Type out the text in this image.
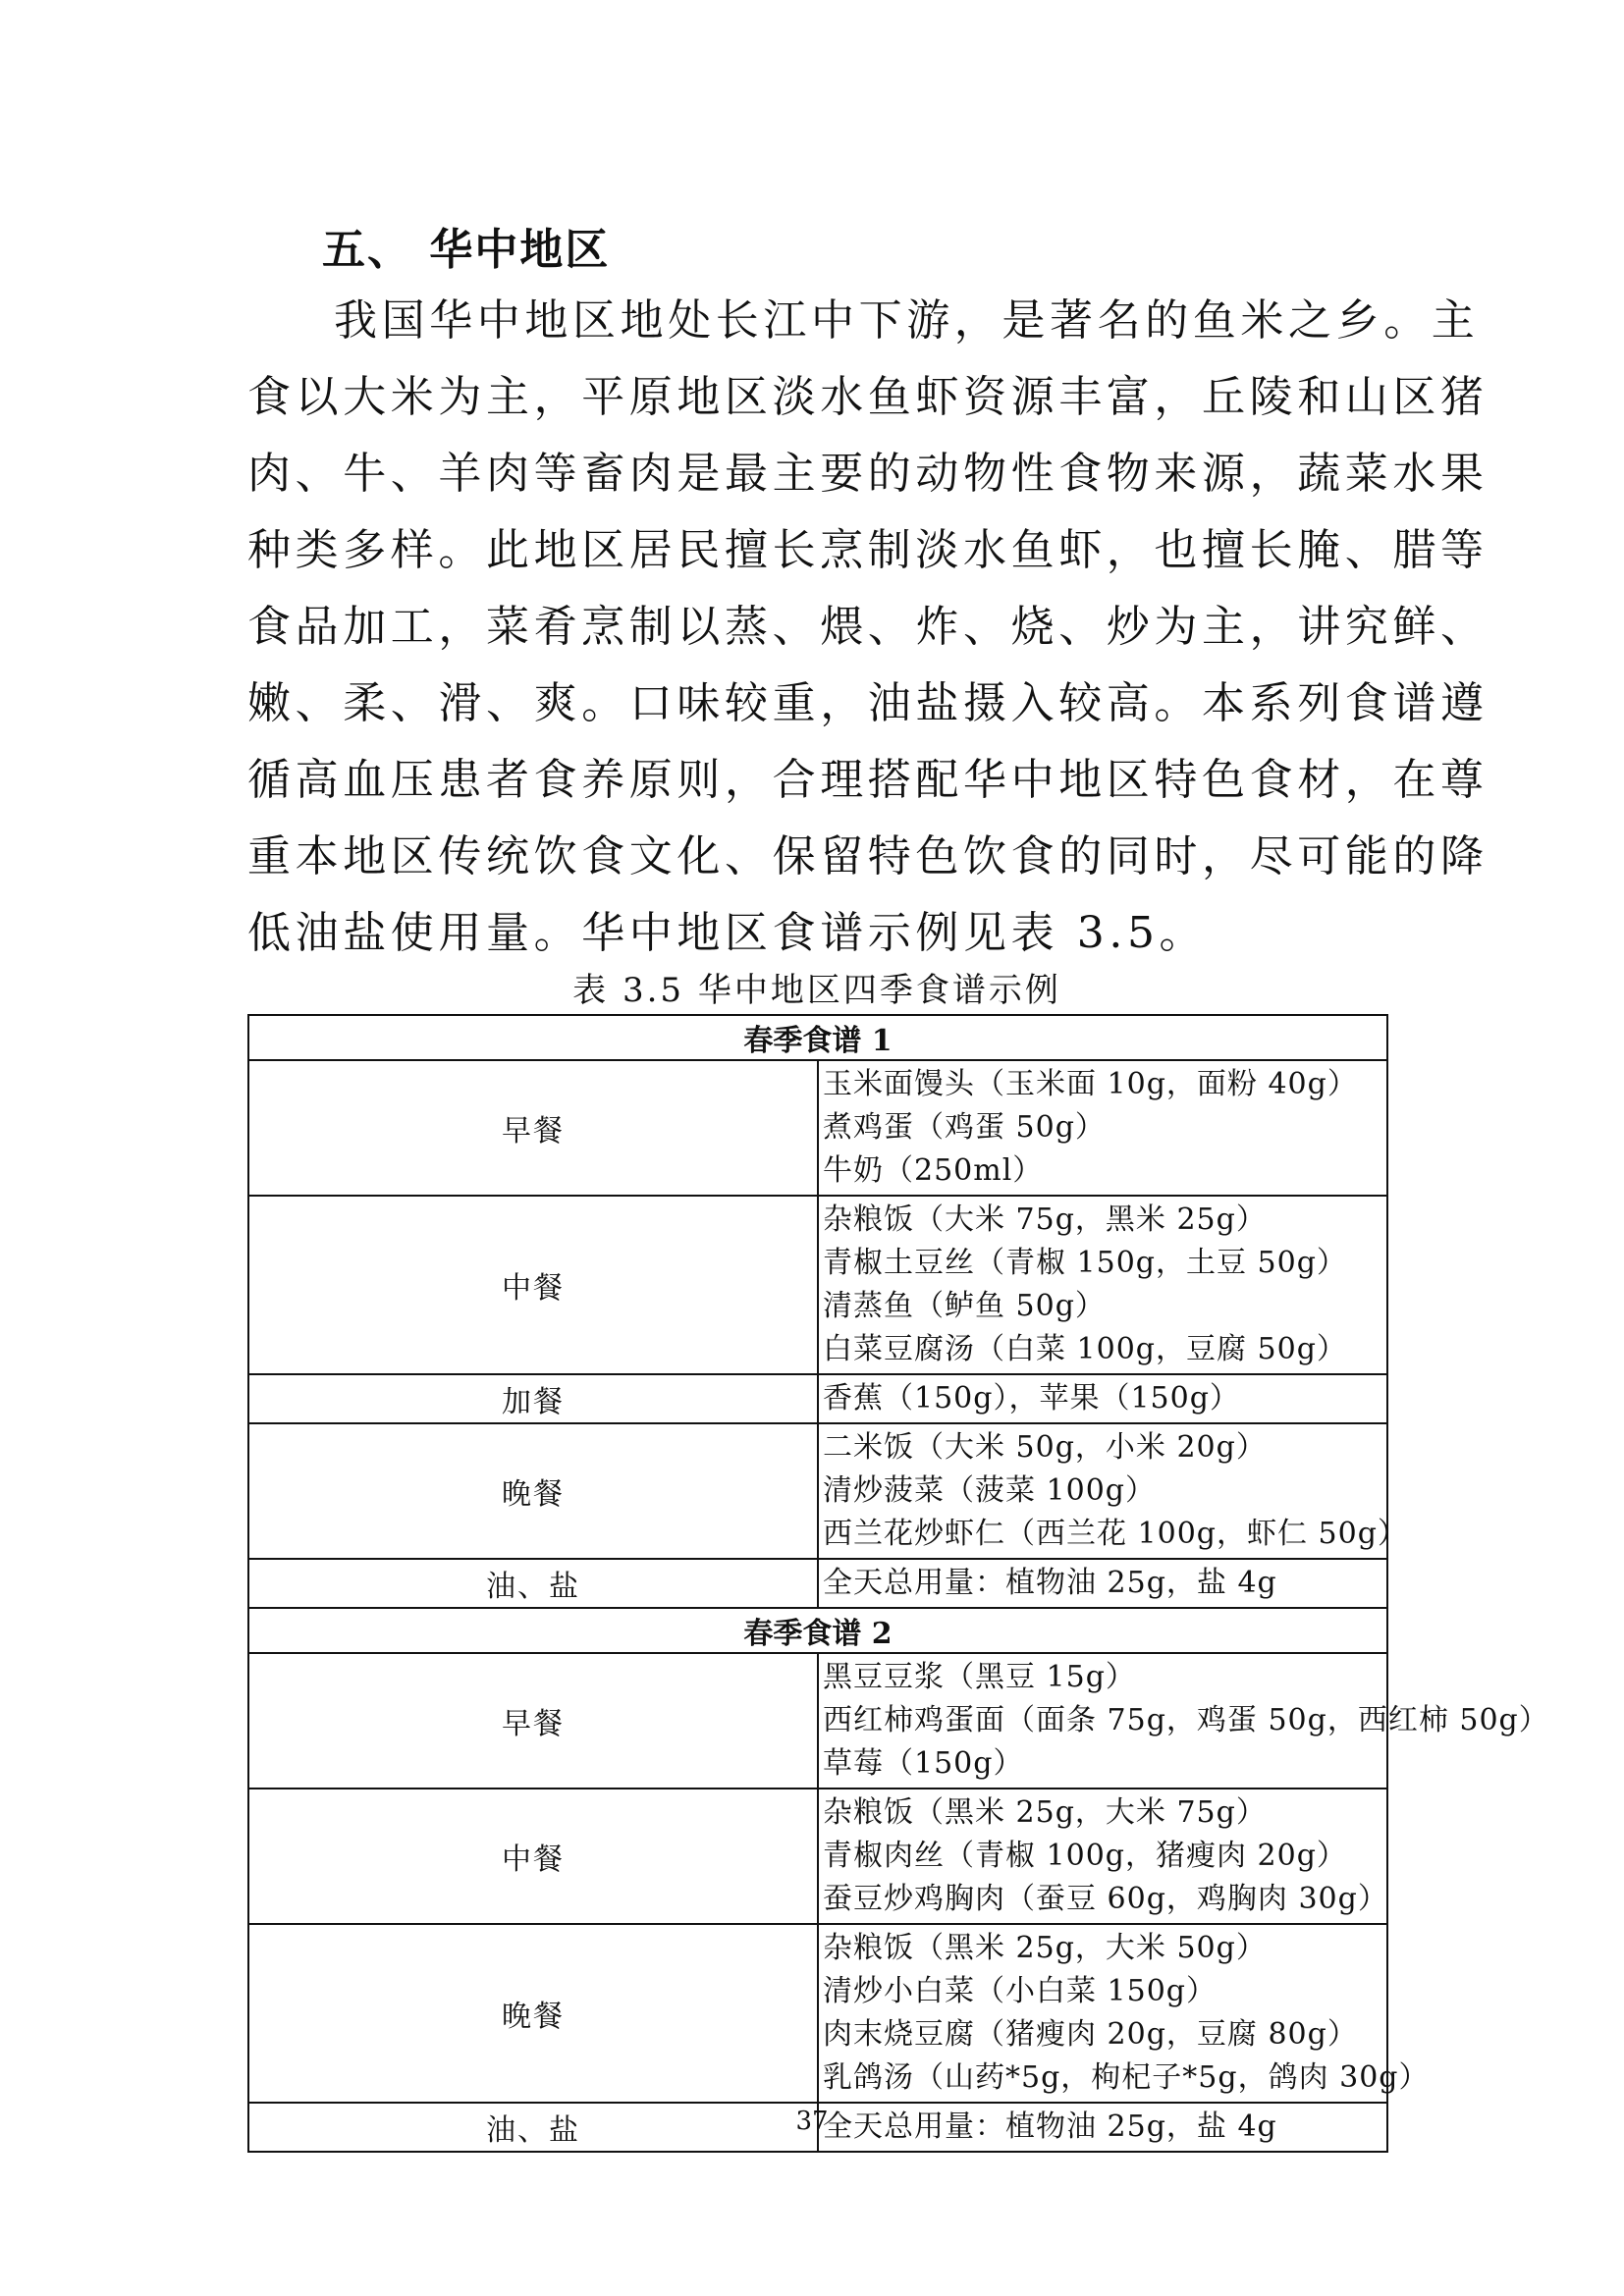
五、 华中地区
我国华中地区地处长江中下游，是著名的鱼米之乡。主
食以大米为主，平原地区淡水鱼虾资源丰富，丘陵和山区猪
肉、牛、羊肉等畜肉是最主要的动物性食物来源，蔬菜水果
种类多样。此地区居民擅长烹制淡水鱼虾，也擅长腌、腊等
食品加工，菜肴烹制以蒸、煨、炸、烧、炒为主，讲究鲜、
嫩、柔、滑、爽。口味较重，油盐摄入较高。本系列食谱遵
循高血压患者食养原则，合理搭配华中地区特色食材，在尊
重本地区传统饮食文化、保留特色饮食的同时，尽可能的降
低油盐使用量。华中地区食谱示例见表 3.5。
表 3.5 华中地区四季食谱示例
春季食谱 1	
早餐	玉米面馒头（玉米面 10g，面粉 40g）
煮鸡蛋（鸡蛋 50g）
牛奶（250ml）

中餐	杂粮饭（大米 75g，黑米 25g）
青椒土豆丝（青椒 150g，土豆 50g）
清蒸鱼（鲈鱼 50g）
白菜豆腐汤（白菜 100g，豆腐 50g）

加餐	香蕉（150g），苹果（150g）

晚餐	二米饭（大米 50g，小米 20g）
清炒菠菜（菠菜 100g）
西兰花炒虾仁（西兰花 100g，虾仁 50g）

油、盐	全天总用量：植物油 25g，盐 4g

春季食谱 2	
早餐	黑豆豆浆（黑豆 15g）
西红柿鸡蛋面（面条 75g，鸡蛋 50g，西红柿 50g）
草莓（150g）

中餐	杂粮饭（黑米 25g，大米 75g）
青椒肉丝（青椒 100g，猪瘦肉 20g）
蚕豆炒鸡胸肉（蚕豆 60g，鸡胸肉 30g）

晚餐	杂粮饭（黑米 25g，大米 50g）
清炒小白菜（小白菜 150g）
肉末烧豆腐（猪瘦肉 20g，豆腐 80g）
乳鸽汤（山药*5g，枸杞子*5g，鸽肉 30g）

油、盐	全天总用量：植物油 25g，盐 4g
37
